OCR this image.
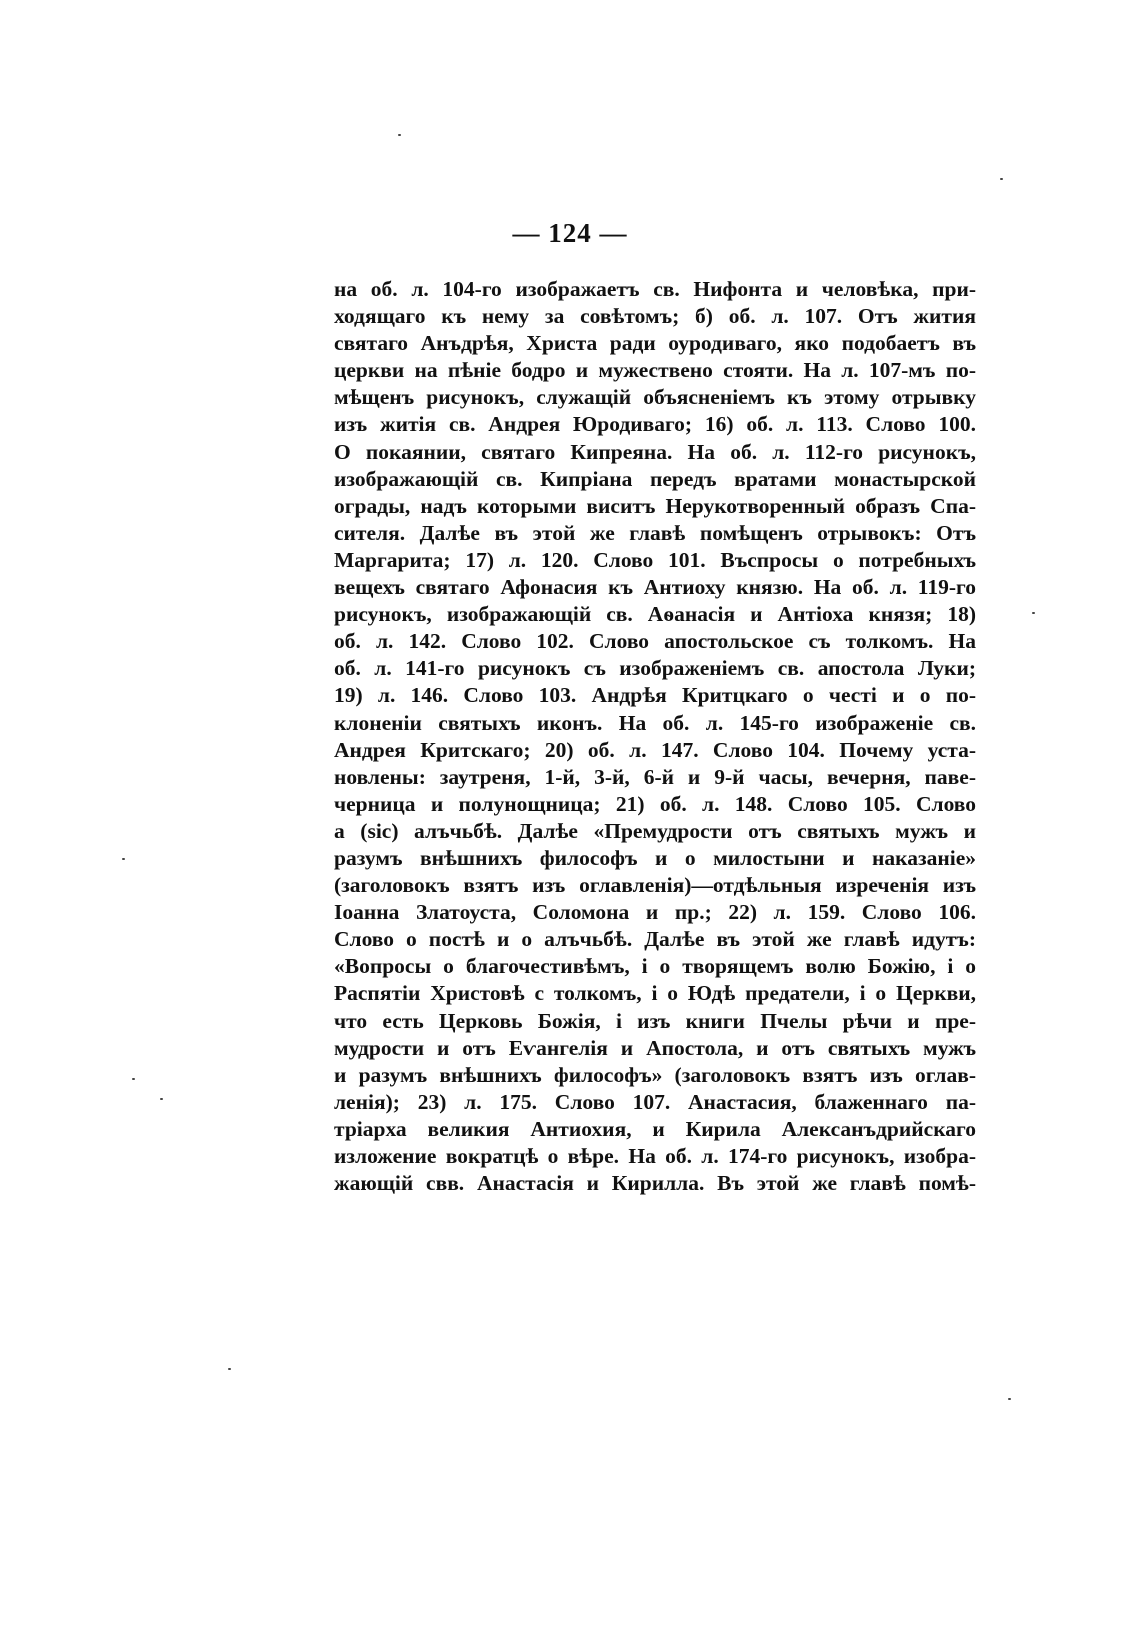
— 124 —
на об. л. 104-го изображаетъ св. Нифонта и человѣка, при-
ходящаго къ нему за совѣтомъ; б) об. л. 107. Отъ жития
святаго Анъдрѣя, Христа ради оуродиваго, яко подобаетъ въ
церкви на пѣніе бодро и мужествено стояти. На л. 107-мъ по-
мѣщенъ рисунокъ, служащій объясненіемъ къ этому отрывку
изъ житія св. Андрея Юродиваго; 16) об. л. 113. Слово 100.
О покаянии, святаго Кипреяна. На об. л. 112-го рисунокъ,
изображающій св. Кипріана передъ вратами монастырской
ограды, надъ которыми виситъ Нерукотворенный образъ Спа-
сителя. Далѣе въ этой же главѣ помѣщенъ отрывокъ: Отъ
Маргарита; 17) л. 120. Слово 101. Въспросы о потребныхъ
вещехъ святаго Афонасия къ Антиоху князю. На об. л. 119-го
рисунокъ, изображающій св. Аѳанасія и Антіоха князя; 18)
об. л. 142. Слово 102. Слово апостольское съ толкомъ. На
об. л. 141-го рисунокъ съ изображеніемъ св. апостола Луки;
19) л. 146. Слово 103. Андрѣя Критцкаго о честі и о по-
клоненіи святыхъ иконъ. На об. л. 145-го изображеніе св.
Андрея Критскаго; 20) об. л. 147. Слово 104. Почему уста-
новлены: заутреня, 1-й, 3-й, 6-й и 9-й часы, вечерня, паве-
черница и полунощница; 21) об. л. 148. Слово 105. Слово
а (sic) алъчьбѣ. Далѣе «Премудрости отъ святыхъ мужъ и
разумъ внѣшнихъ философъ и о милостыни и наказаніе»
(заголовокъ взятъ изъ оглавленія)—отдѣльныя изреченія изъ
Іоанна Златоуста, Соломона и пр.; 22) л. 159. Слово 106.
Слово о постѣ и о алъчьбѣ. Далѣе въ этой же главѣ идутъ:
«Вопросы о благочестивѣмъ, і о творящемъ волю Божію, і о
Распятіи Христовѣ с толкомъ, і о Юдѣ предатели, і о Церкви,
что есть Церковь Божія, і изъ книги Пчелы рѣчи и пре-
мудрости и отъ Еѵангелія и Апостола, и отъ святыхъ мужъ
и разумъ внѣшнихъ философъ» (заголовокъ взятъ изъ оглав-
ленія); 23) л. 175. Слово 107. Анастасия, блаженнаго па-
тріарха великия Антиохия, и Кирила Алексанъдрийскаго
изложение вократцѣ о вѣре. На об. л. 174-го рисунокъ, изобра-
жающій свв. Анастасія и Кирилла. Въ этой же главѣ помѣ-
